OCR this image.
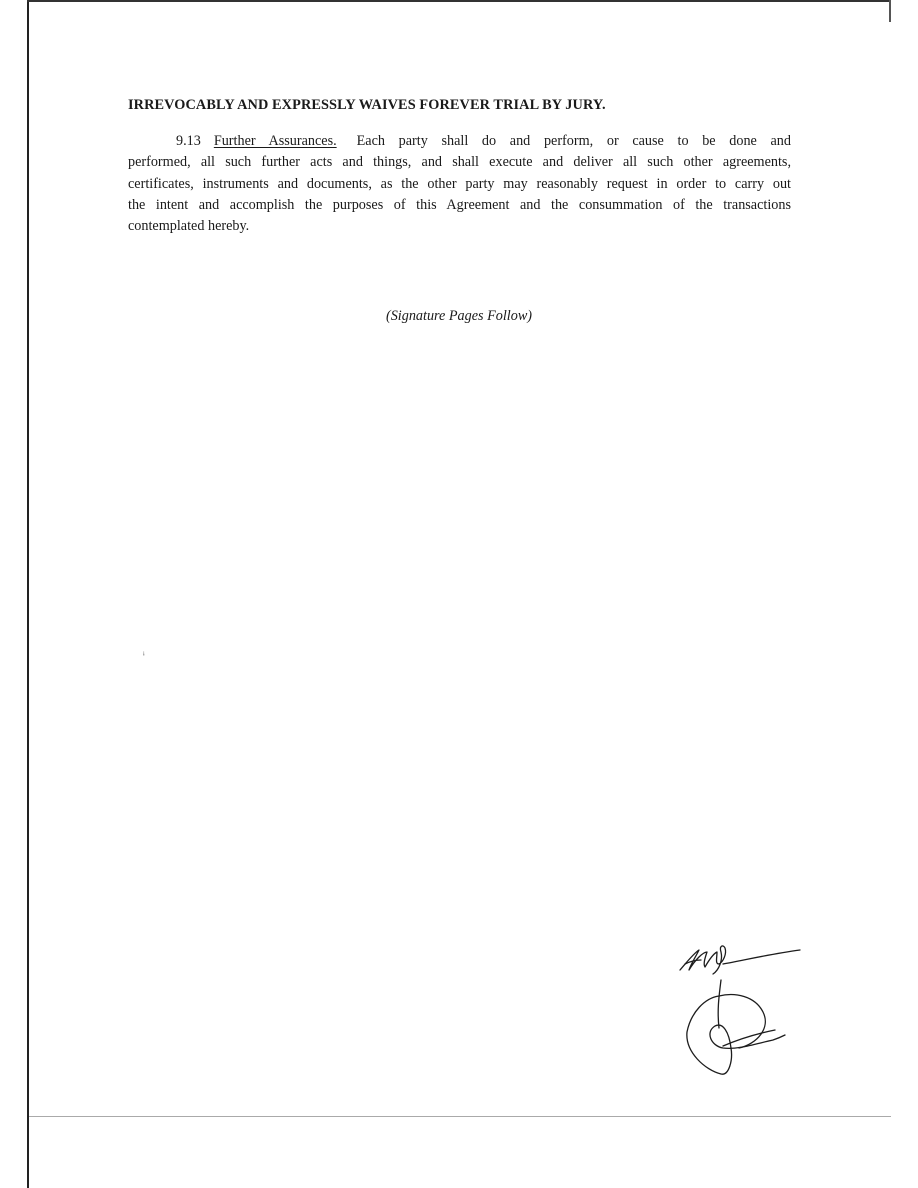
ᶤ
IRREVOCABLY AND EXPRESSLY WAIVES FOREVER TRIAL BY JURY.
9.13 Further Assurances. Each party shall do and perform, or cause to be done and
performed, all such further acts and things, and shall execute and deliver all such other agreements,
certificates, instruments and documents, as the other party may reasonably request in order to carry out
the intent and accomplish the purposes of this Agreement and the consummation of the transactions
contemplated hereby.
(Signature Pages Follow)
